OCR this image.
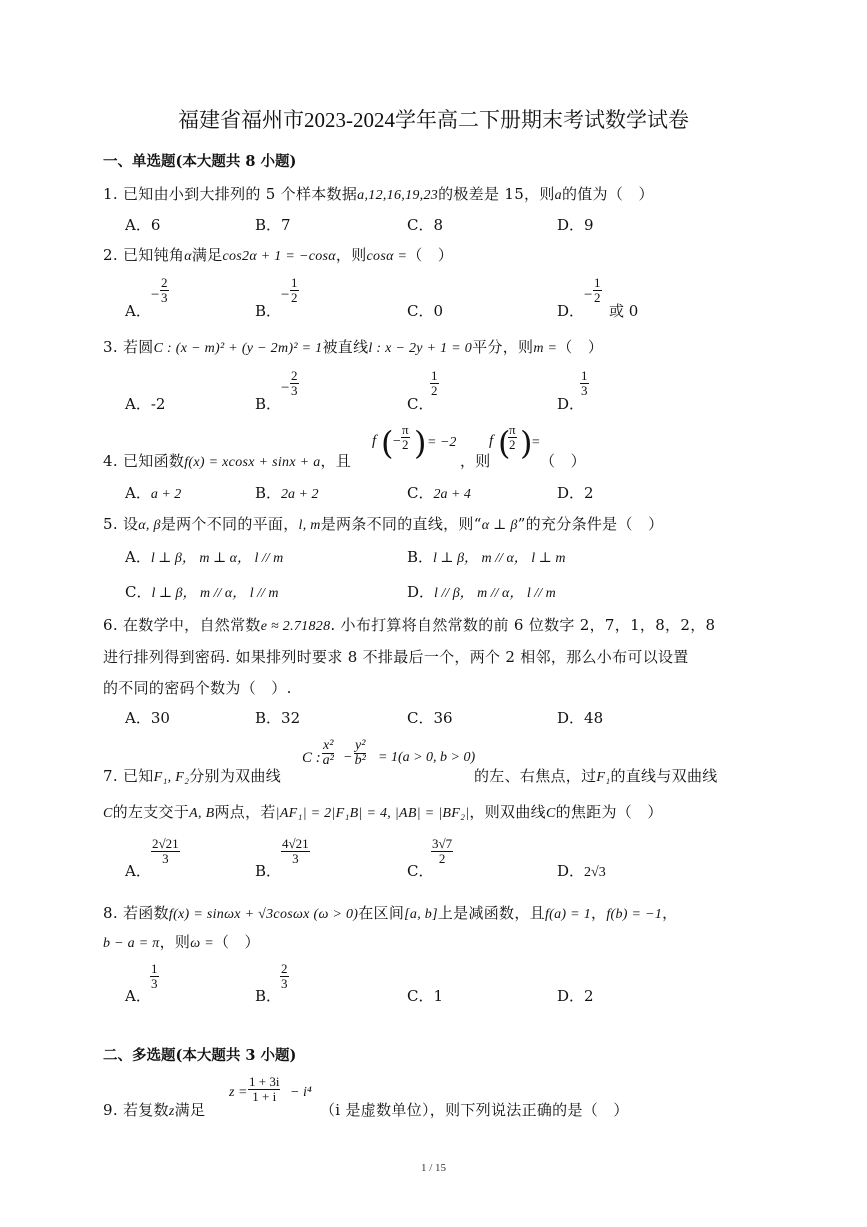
福建省福州市2023-2024学年高二下册期末考试数学试卷
一、单选题(本大题共 8 小题)
1. 已知由小到大排列的 5 个样本数据a,12,16,19,23的极差是 15，则a的值为（　）
A．6	B．7	C．8	D．9
2. 已知钝角α满足cos2α + 1 = −cosα，则cosα =（　）
A．
− $\frac{2}{3}$
B．
− $\frac{1}{2}$
C．0	D．
− $\frac{1}{2}$
或 0
3. 若圆C : (x − m)² + (y − 2m)² = 1被直线l : x − 2y + 1 = 0平分，则m =（　）
A．-2	B．
− $\frac{2}{3}$
C．
$\frac{1}{2}$
D．
$\frac{1}{3}$
4. 已知函数f(x) = xcosx + sinx + a，且
f (
− $\frac{\pi}{2}$ ) = −2
，则
f (
$\frac{\pi}{2}$ )
=
（　）
A．a + 2	B．2a + 2	C．2a + 4	D．2
5. 设α, β是两个不同的平面，l, m是两条不同的直线，则“α ⊥ β”的充分条件是（　）
A．l ⊥ β， m ⊥ α， l // m	B．l ⊥ β， m // α， l ⊥ m
C．l ⊥ β， m // α， l // m	D．l // β， m // α， l // m
6. 在数学中，自然常数e ≈ 2.71828. 小布打算将自然常数的前 6 位数字 2，7，1，8，2，8
进行排列得到密码. 如果排列时要求 8 不排最后一个，两个 2 相邻，那么小布可以设置
的不同的密码个数为（　）.
A．30	B．32	C．36	D．48
7. 已知F₁, F₂分别为双曲线
C : $\frac{\text{x²}}{\text{a²}} - \frac{\text{y²}}{\text{b²}} = 1(a > 0$, b > 0)
的左、右焦点，过F₁的直线与双曲线
C的左支交于A, B两点，若|AF₁| = 2|F₁B| = 4, |AB| = |BF₂|，则双曲线C的焦距为（　）
A．
$\frac{2√21}{3}$
B．
$\frac{4√21}{3}$
C．
$\frac{3√7}{2}$
D．2√3
8. 若函数f(x) = sinωx + √3cosωx (ω > 0)在区间[a, b]上是减函数，且f(a) = 1，f(b) = −1，
b − a = π，则ω =（　）
A．
$\frac{1}{3}$
B．
$\frac{2}{3}$
C．1	D．2
二、多选题(本大题共 3 小题)
9. 若复数z满足
$z = \frac{1 + 3i}{1 + i} - i^4$
（i 是虚数单位），则下列说法正确的是（　）
1 / 15
